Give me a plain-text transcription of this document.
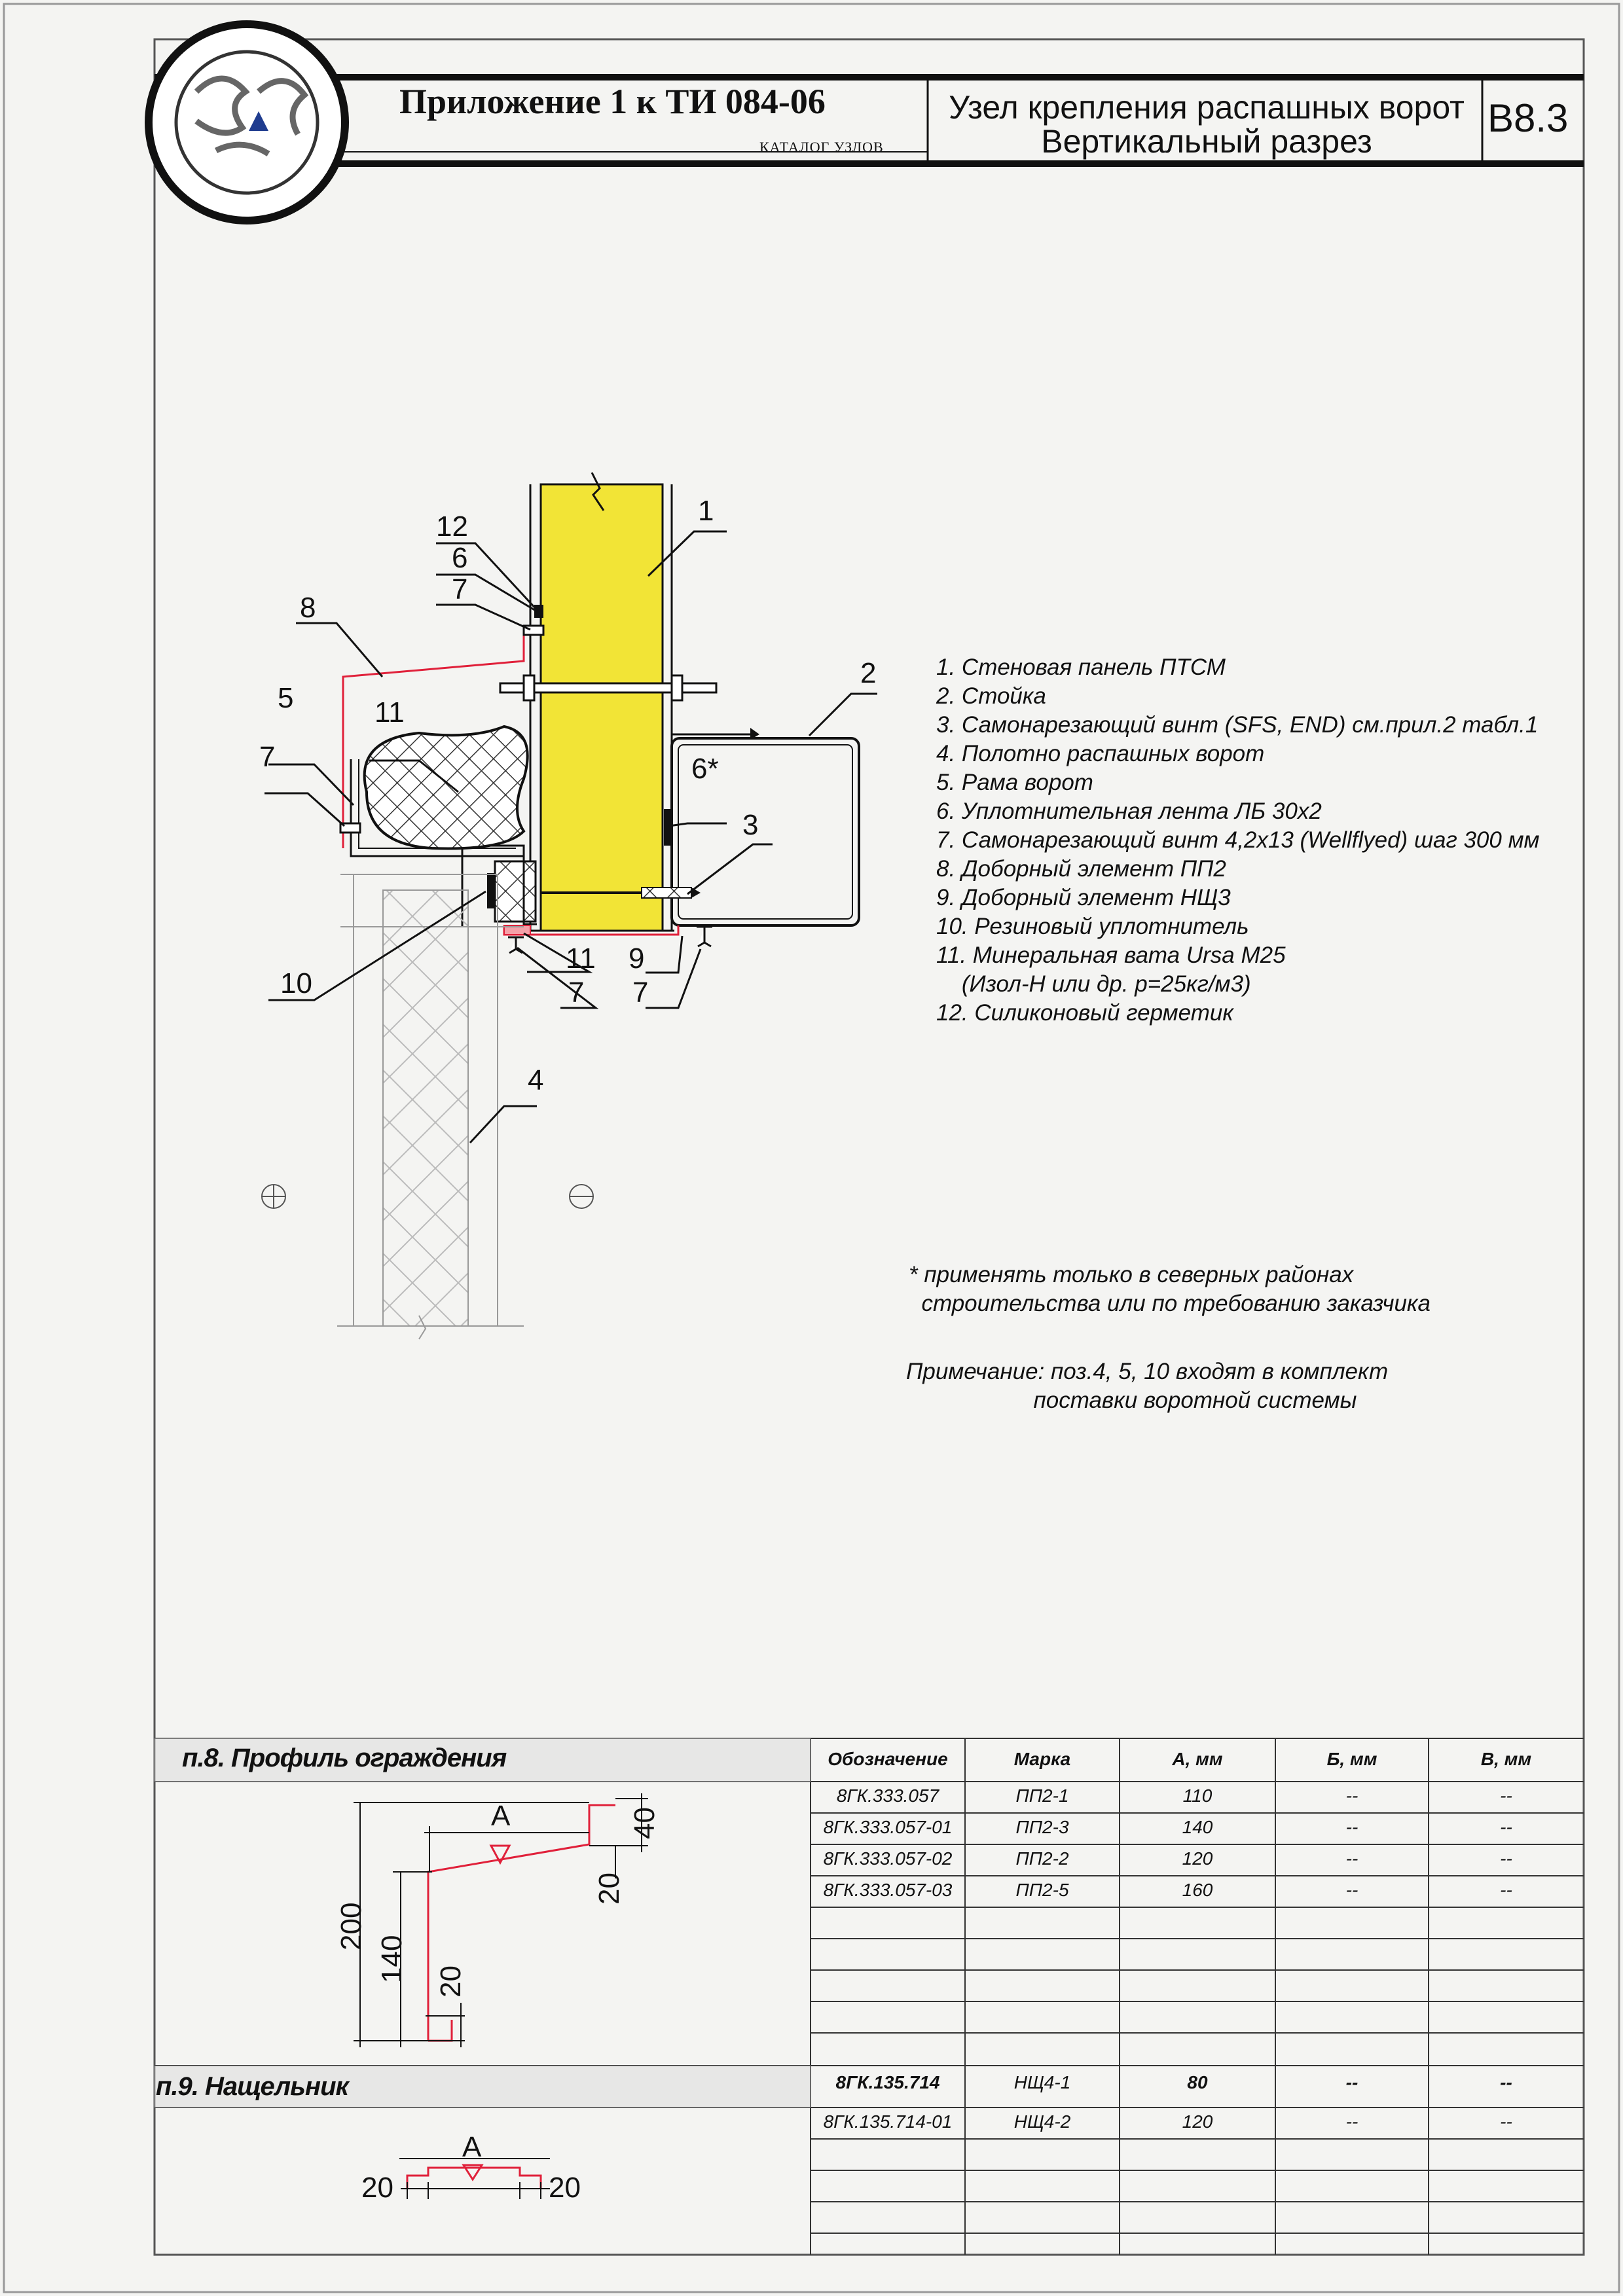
Приложение 1 к ТИ 084-06
КАТАЛОГ УЗЛОВ
Узел крепления распашных ворот
Вертикальный разрез
В8.3
1
2
3
4
5
6*
6
7
7
7 7
8
9
10
11
11
12
1. Стеновая панель ПТСМ
2. Стойка
3. Самонарезающий винт (SFS, END) см.прил.2 табл.1
4. Полотно распашных ворот
5. Рама ворот
6. Уплотнительная лента ЛБ 30х2
7. Самонарезающий винт 4,2х13 (Wellflyed) шаг 300 мм
8. Доборный элемент ПП2
9. Доборный элемент НЩ3
10. Резиновый уплотнитель
11. Минеральная вата Ursa M25
(Изол-Н или др. р=25кг/м3)
12. Силиконовый герметик
* применять только в северных районах
строительства или по требованию заказчика
Примечание: поз.4, 5, 10 входят в комплект
поставки воротной системы
п.8. Профиль ограждения
А
200
140 20
20
40
п.9. Нащельник
А
20	20
Обозначение	Марка	А, мм	Б, мм	В, мм
8ГК.333.057	ПП2-1	110	--	--
8ГК.333.057-01	ПП2-3	140	--	--
8ГК.333.057-02	ПП2-2	120	--	--
8ГК.333.057-03	ПП2-5	160	--	--
8ГК.135.714	НЩ4-1	80	--	--
8ГК.135.714-01	НЩ4-2	120	--	--
